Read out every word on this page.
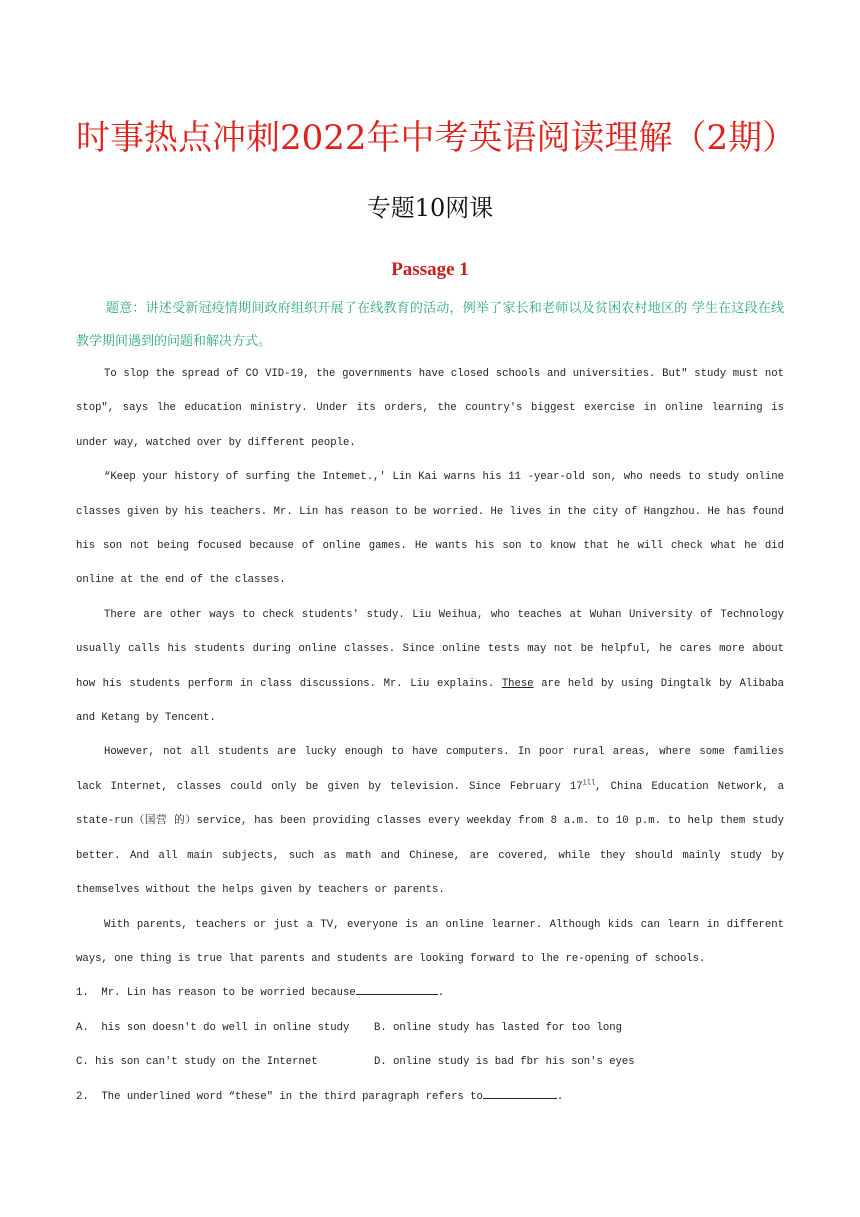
时事热点冲刺2022年中考英语阅读理解（2期）
专题10网课
Passage 1
题意：讲述受新冠疫情期间政府组织开展了在线教育的活动，例举了家长和老师以及贫困农村地区的 学生在这段在线教学期间遇到的问题和解决方式。

To slop the spread of CO VID-19, the governments have closed schools and universities. But" study must not stop", says lhe education ministry. Under its orders, the country's biggest exercise in online learning is under way, watched over by different people.

“Keep your history of surfing the Intemet.,' Lin Kai warns his 11 -year-old son, who needs to study online classes given by his teachers. Mr. Lin has reason to be worried. He lives in the city of Hangzhou. He has found his son not being focused because of online games. He wants his son to know that he will check what he did online at the end of the classes.

There are other ways to check students' study. Liu Weihua, who teaches at Wuhan University of Technology usually calls his students during online classes. Since online tests may not be helpful, he cares more about how his students perform in class discussions. Mr. Liu explains. These are held by using Dingtalk by Alibaba and Ketang by Tencent.

However, not all students are lucky enough to have computers. In poor rural areas, where some families lack Internet, classes could only be given by television. Since February $17^{ill}$, China Education Network, a state-run（国营 的）service, has been providing classes every weekday from 8 a.m. to 10 p.m. to help them study better. And all main subjects, such as math and Chinese, are covered, while they should mainly study by themselves without the helps given by teachers or parents.

With parents, teachers or just a TV, everyone is an online learner. Although kids can learn in different ways, one thing is true lhat parents and students are looking forward to lhe re-opening of schools.

1.  Mr. Lin has reason to be worried because	.

A.  his son doesn't do well in online study	B. online study has lasted for too long
C. his son can't study on the Internet	D. online study is bad fbr his son's eyes

2.  The underlined word “these" in the third paragraph refers to	.
